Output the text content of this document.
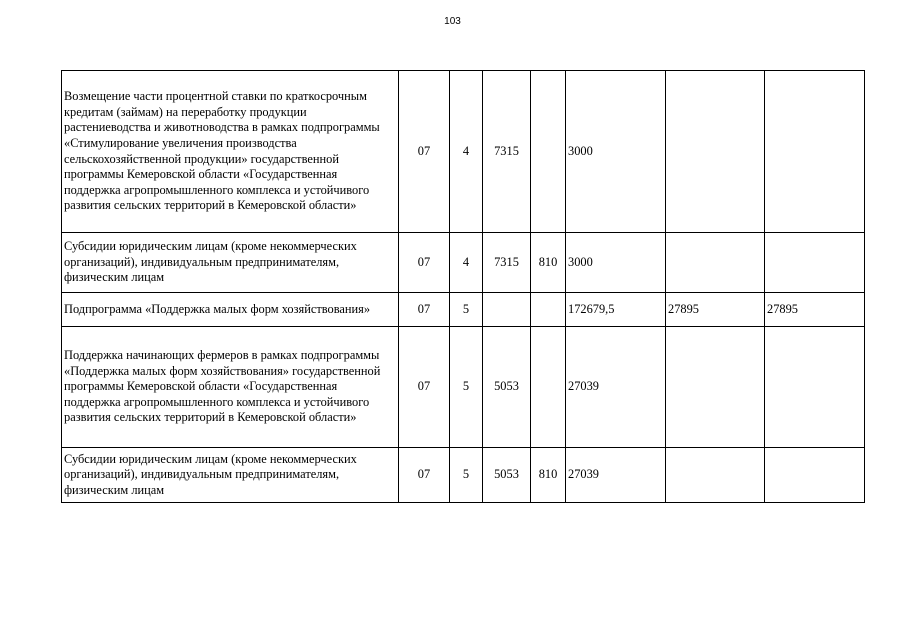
103
Возмещение части процентной ставки по краткосрочным кредитам (займам) на переработку продукции растениеводства и животноводства в рамках подпрограммы «Стимулирование увеличения производства сельскохозяйственной продукции» государственной программы Кемеровской области «Государственная поддержка агропромышленного комплекса и устойчивого развития сельских территорий в Кемеровской области»	07	4	7315		3000		
Субсидии юридическим лицам (кроме некоммерческих организаций), индивидуальным предпринимателям, физическим лицам	07	4	7315	810	3000		
Подпрограмма «Поддержка малых форм хозяйствования»	07	5			172679,5	27895	27895
Поддержка начинающих фермеров в рамках подпрограммы «Поддержка малых форм хозяйствования» государственной программы Кемеровской области «Государственная поддержка агропромышленного комплекса и устойчивого развития сельских территорий в Кемеровской области»	07	5	5053		27039		
Субсидии юридическим лицам (кроме некоммерческих организаций), индивидуальным предпринимателям, физическим лицам	07	5	5053	810	27039		
